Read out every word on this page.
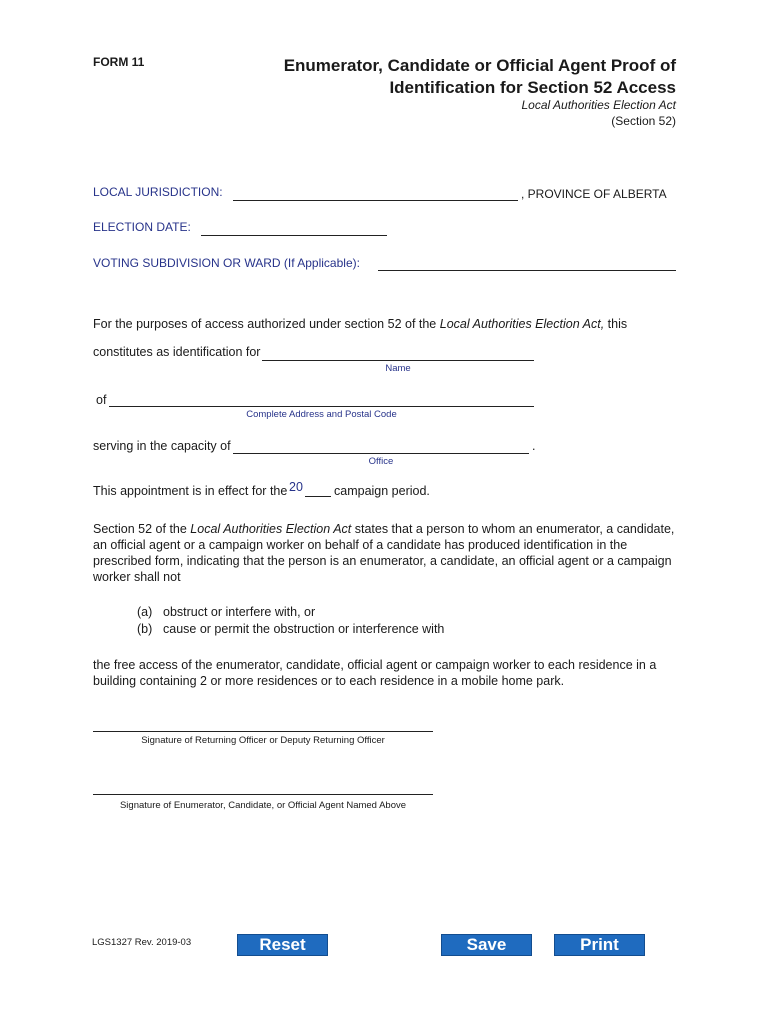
FORM 11	Enumerator, Candidate or Official Agent Proof of
Identification for Section 52 Access
Local Authorities Election Act
(Section 52)
LOCAL JURISDICTION:	, PROVINCE OF ALBERTA
ELECTION DATE:
VOTING SUBDIVISION OR WARD (If Applicable):
For the purposes of access authorized under section 52 of the Local Authorities Election Act, this
constitutes as identification for
Name
of
Complete Address and Postal Code
serving in the capacity of	.
Office
This appointment is in effect for the 20 campaign period.
Section 52 of the Local Authorities Election Act states that a person to whom an enumerator, a candidate,
an official agent or a campaign worker on behalf of a candidate has produced identification in the
prescribed form, indicating that the person is an enumerator, a candidate, an official agent or a campaign
worker shall not
(a) obstruct or interfere with, or
(b) cause or permit the obstruction or interference with
the free access of the enumerator, candidate, official agent or campaign worker to each residence in a
building containing 2 or more residences or to each residence in a mobile home park.
Signature of Returning Officer or Deputy Returning Officer
Signature of Enumerator, Candidate, or Official Agent Named Above
LGS1327 Rev. 2019-03	Reset	Save	Print
